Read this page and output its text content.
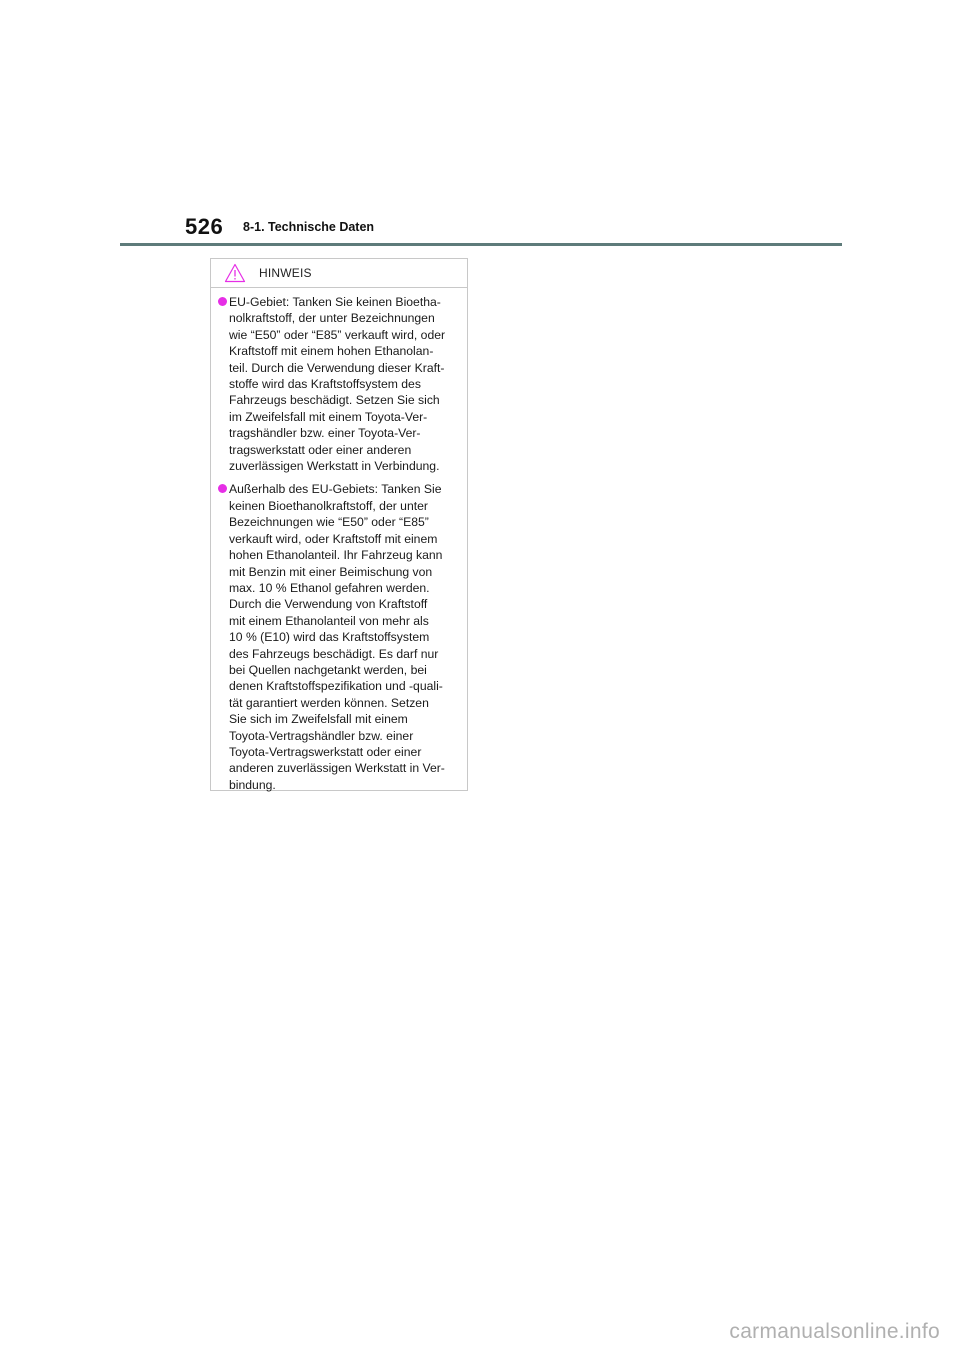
526 8-1. Technische Daten
HINWEIS

EU-Gebiet: Tanken Sie keinen Bioetha-
nolkraftstoff, der unter Bezeichnungen
wie “E50” oder “E85” verkauft wird, oder
Kraftstoff mit einem hohen Ethanolan-
teil. Durch die Verwendung dieser Kraft-
stoffe wird das Kraftstoffsystem des
Fahrzeugs beschädigt. Setzen Sie sich
im Zweifelsfall mit einem Toyota-Ver-
tragshändler bzw. einer Toyota-Ver-
tragswerkstatt oder einer anderen
zuverlässigen Werkstatt in Verbindung.

Außerhalb des EU-Gebiets: Tanken Sie
keinen Bioethanolkraftstoff, der unter
Bezeichnungen wie “E50” oder “E85”
verkauft wird, oder Kraftstoff mit einem
hohen Ethanolanteil. Ihr Fahrzeug kann
mit Benzin mit einer Beimischung von
max. 10 % Ethanol gefahren werden.
Durch die Verwendung von Kraftstoff
mit einem Ethanolanteil von mehr als
10 % (E10) wird das Kraftstoffsystem
des Fahrzeugs beschädigt. Es darf nur
bei Quellen nachgetankt werden, bei
denen Kraftstoffspezifikation und -quali-
tät garantiert werden können. Setzen
Sie sich im Zweifelsfall mit einem
Toyota-Vertragshändler bzw. einer
Toyota-Vertragswerkstatt oder einer
anderen zuverlässigen Werkstatt in Ver-
bindung.

carmanualsonline.info
